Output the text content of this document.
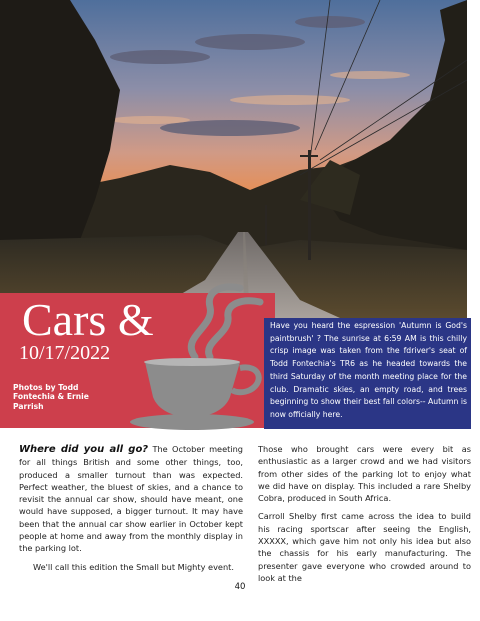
Cars &
10/17/2022
Photos by Todd Fontechia & Ernie Parrish
Have you heard the espression 'Autumn is God's paintbrush' ? The sunrise at 6:59 AM is this chilly crisp image was taken from the fdriver's seat of Todd Fontechia's TR6 as he headed towards the third Saturday of the month meeting place for the club. Dramatic skies, an empty road, and trees beginning to show their best fall colors-- Autumn is now officially here.

Where did you all go? The October meeting for all things British and some other things, too, produced a smaller turnout than was expected. Perfect weather, the bluest of skies, and a chance to revisit the annual car show, should have meant, one would have supposed, a bigger turnout. It may have been that the annual car show earlier in October kept people at home and away from the monthly display in the parking lot.

We'll call this edition the Small but Mighty event.

Those who brought cars were every bit as enthusiastic as a larger crowd and we had visitors from other sides of the parking lot to enjoy what we did have on display. This included a rare Shelby Cobra, produced in South Africa.

Carroll Shelby first came across the idea to build his racing sportscar after seeing the English, XXXXX, which gave him not only his idea but also the chassis for his early manufacturing. The presenter gave everyone who crowded around to look at the

40
